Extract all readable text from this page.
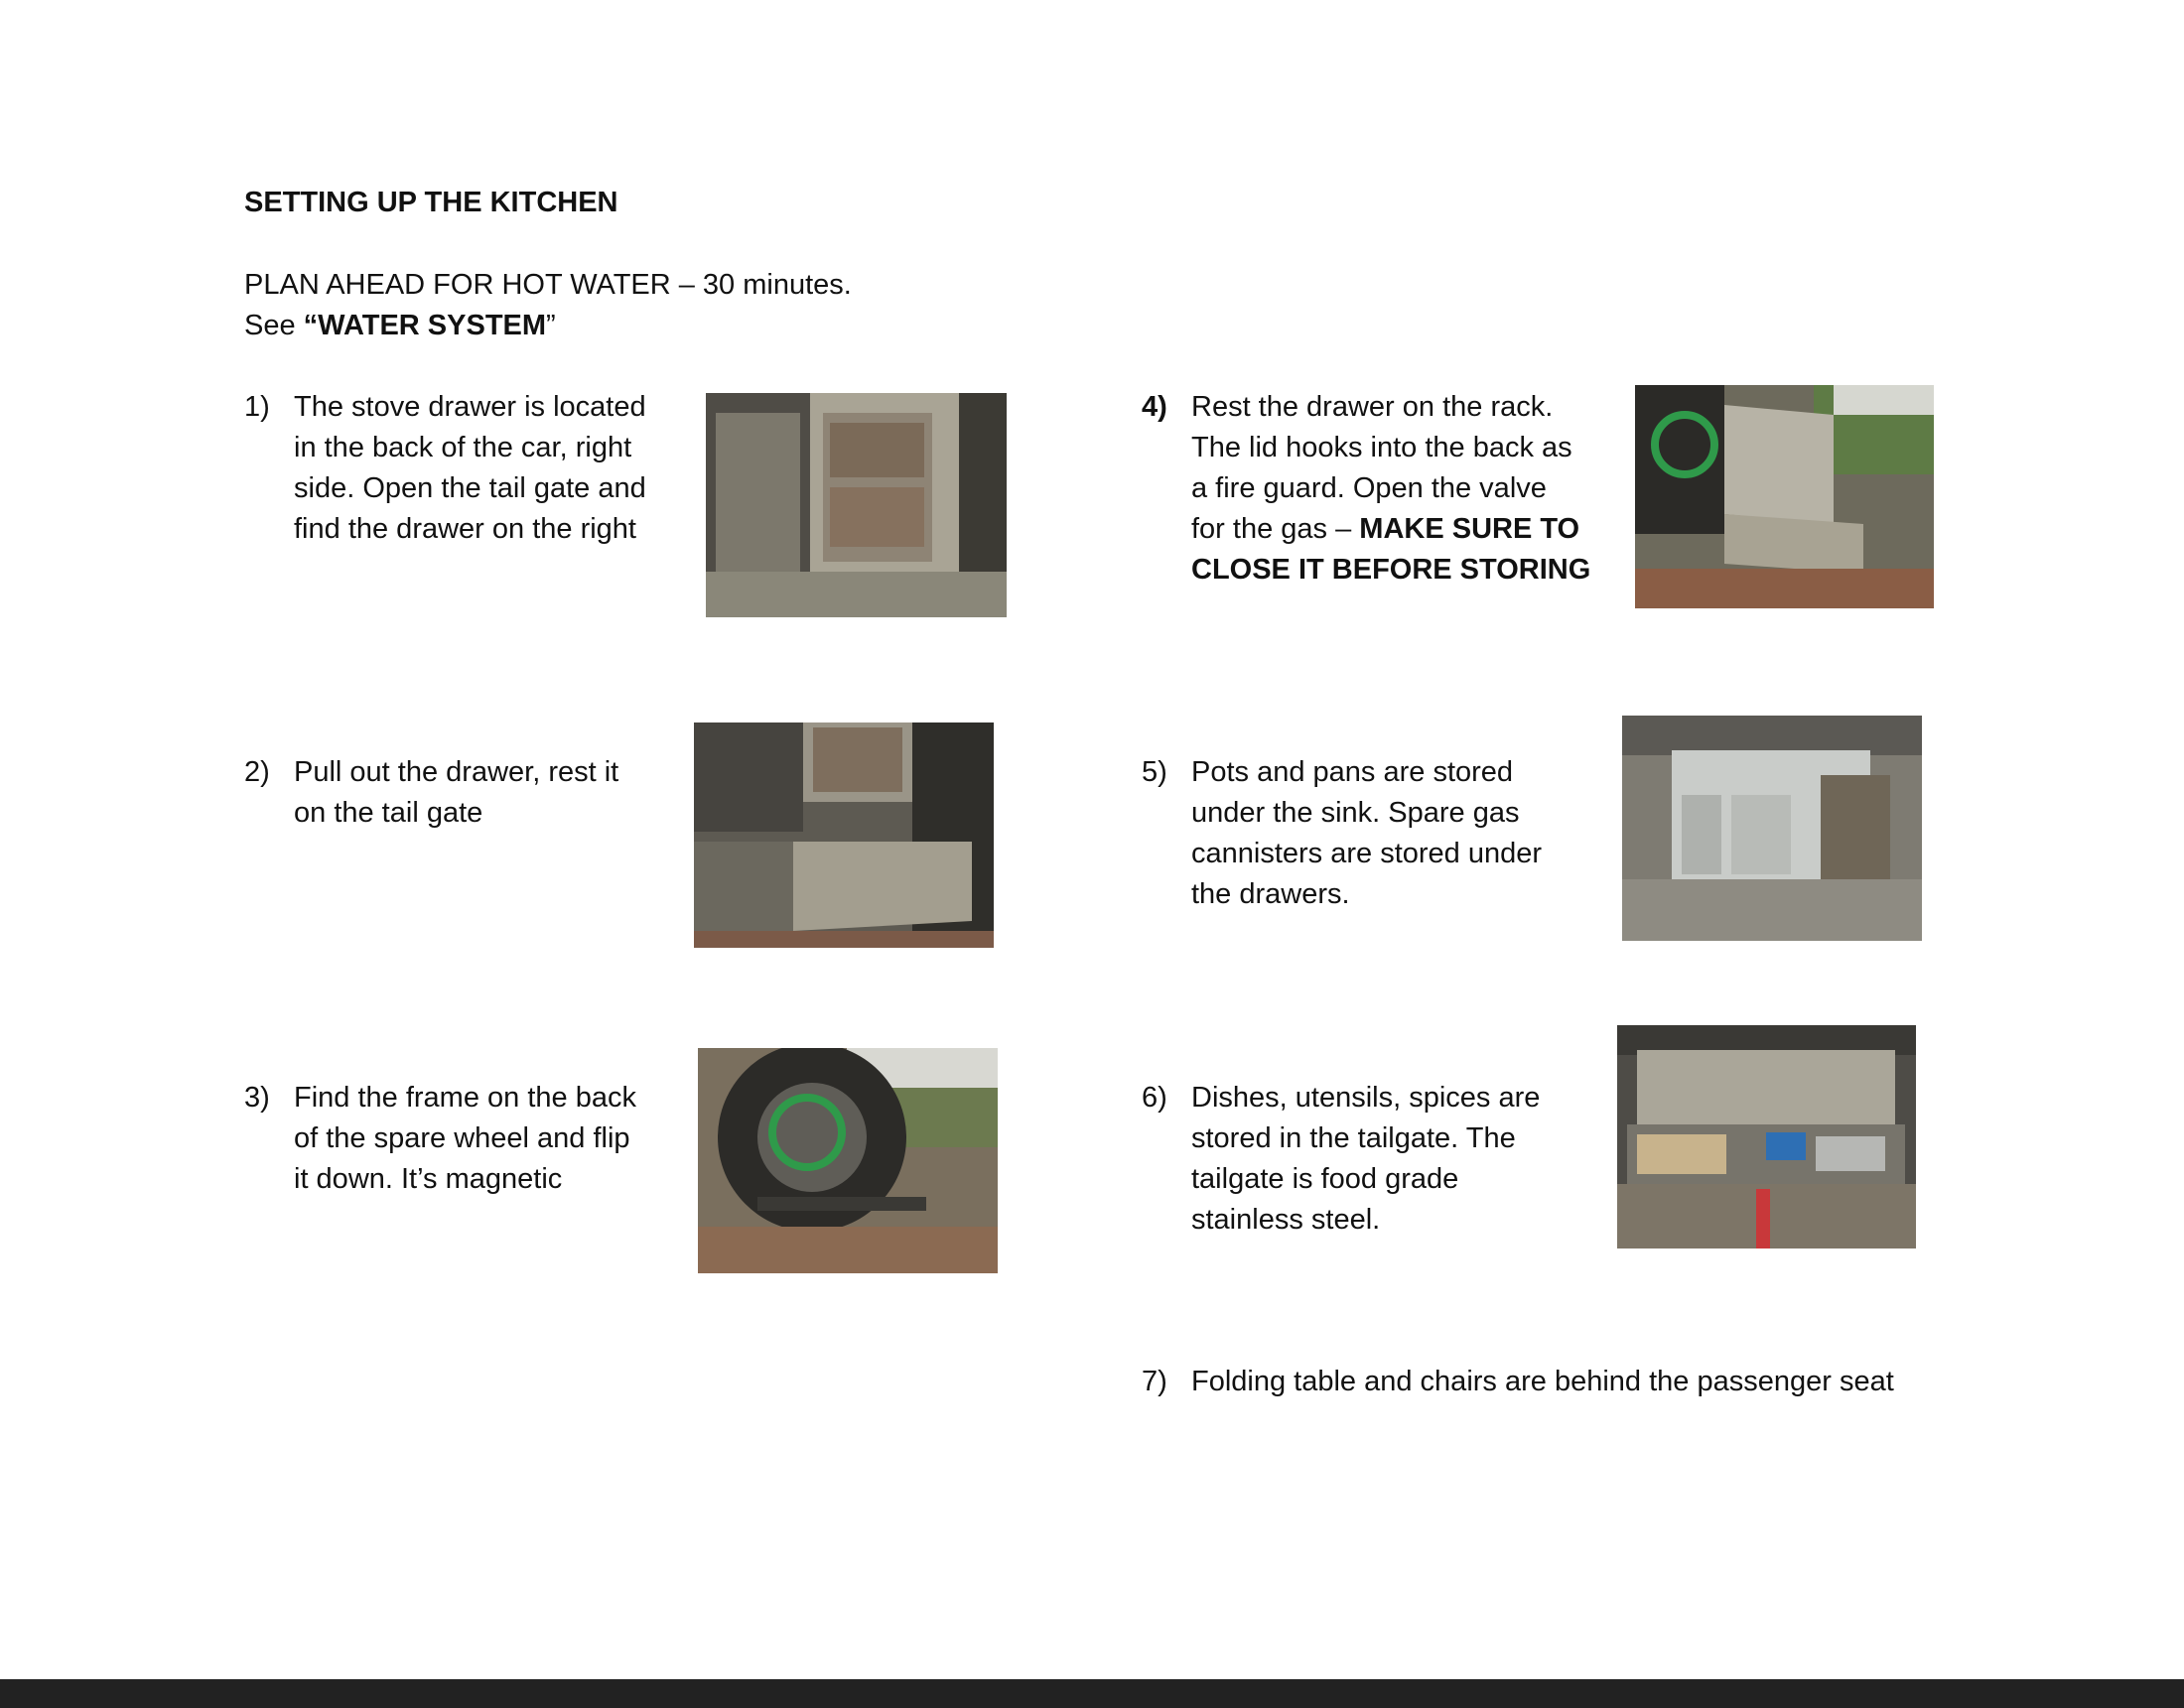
SETTING UP THE KITCHEN
PLAN AHEAD FOR HOT WATER – 30 minutes.
See “WATER SYSTEM”
1) The stove drawer is located
in the back of the car, right
side. Open the tail gate and
find the drawer on the right
2) Pull out the drawer, rest it
on the tail gate
3) Find the frame on the back
of the spare wheel and flip
it down. It’s magnetic
4) Rest the drawer on the rack.
The lid hooks into the back as
a fire guard. Open the valve
for the gas – MAKE SURE TO
CLOSE IT BEFORE STORING
5) Pots and pans are stored
under the sink. Spare gas
cannisters are stored under
the drawers.
6) Dishes, utensils, spices are
stored in the tailgate. The
tailgate is food grade
stainless steel.
7) Folding table and chairs are behind the passenger seat
